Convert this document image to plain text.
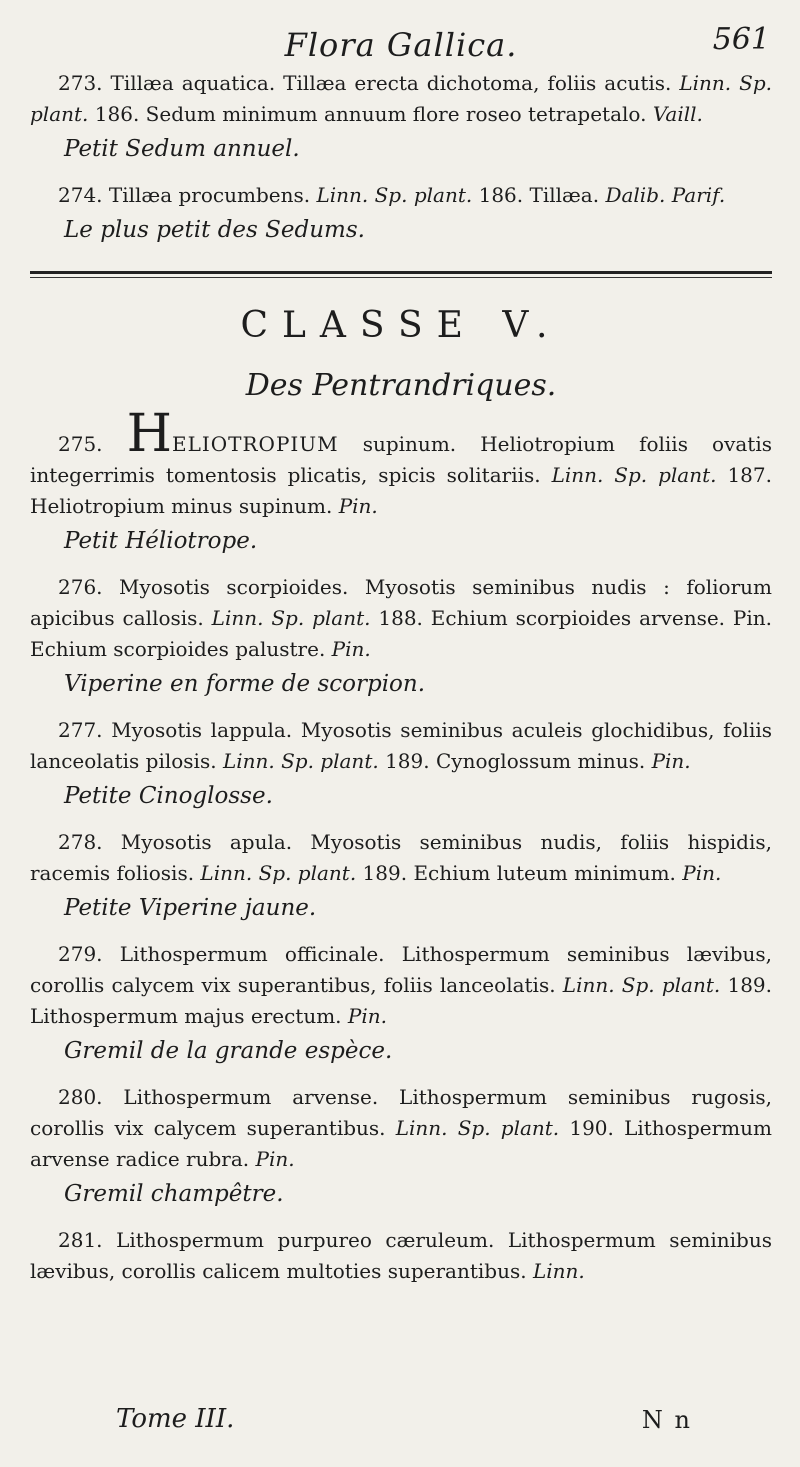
Flora Gallica.	561

273. Tillæa aquatica. Tillæa erecta dichotoma, foliis acutis. Linn. Sp. plant. 186. Sedum minimum annuum flore roseo tetrapetalo. Vaill.

Petit Sedum annuel.

274. Tillæa procumbens. Linn. Sp. plant. 186. Tillæa. Dalib. Parif.

Le plus petit des Sedums.
CLASSE V.
Des Pentrandriques.

275. HELIOTROPIUM supinum. Heliotropium foliis ovatis integerrimis tomentosis plicatis, spicis solitariis. Linn. Sp. plant. 187. Heliotropium minus supinum. Pin.

Petit Héliotrope.

276. Myosotis scorpioides. Myosotis seminibus nudis : foliorum apicibus callosis. Linn. Sp. plant. 188. Echium scorpioides arvense. Pin. Echium scorpioides palustre. Pin.

Viperine en forme de scorpion.

277. Myosotis lappula. Myosotis seminibus aculeis glochidibus, foliis lanceolatis pilosis. Linn. Sp. plant. 189. Cynoglossum minus. Pin.

Petite Cinoglosse.

278. Myosotis apula. Myosotis seminibus nudis, foliis hispidis, racemis foliosis. Linn. Sp. plant. 189. Echium luteum minimum. Pin.

Petite Viperine jaune.

279. Lithospermum officinale. Lithospermum seminibus lævibus, corollis calycem vix superantibus, foliis lanceolatis. Linn. Sp. plant. 189. Lithospermum majus erectum. Pin.

Gremil de la grande espèce.

280. Lithospermum arvense. Lithospermum seminibus rugosis, corollis vix calycem superantibus. Linn. Sp. plant. 190. Lithospermum arvense radice rubra. Pin.

Gremil champêtre.

281. Lithospermum purpureo cæruleum. Lithospermum seminibus lævibus, corollis calicem multoties superantibus. Linn.

Tome III.	N n
